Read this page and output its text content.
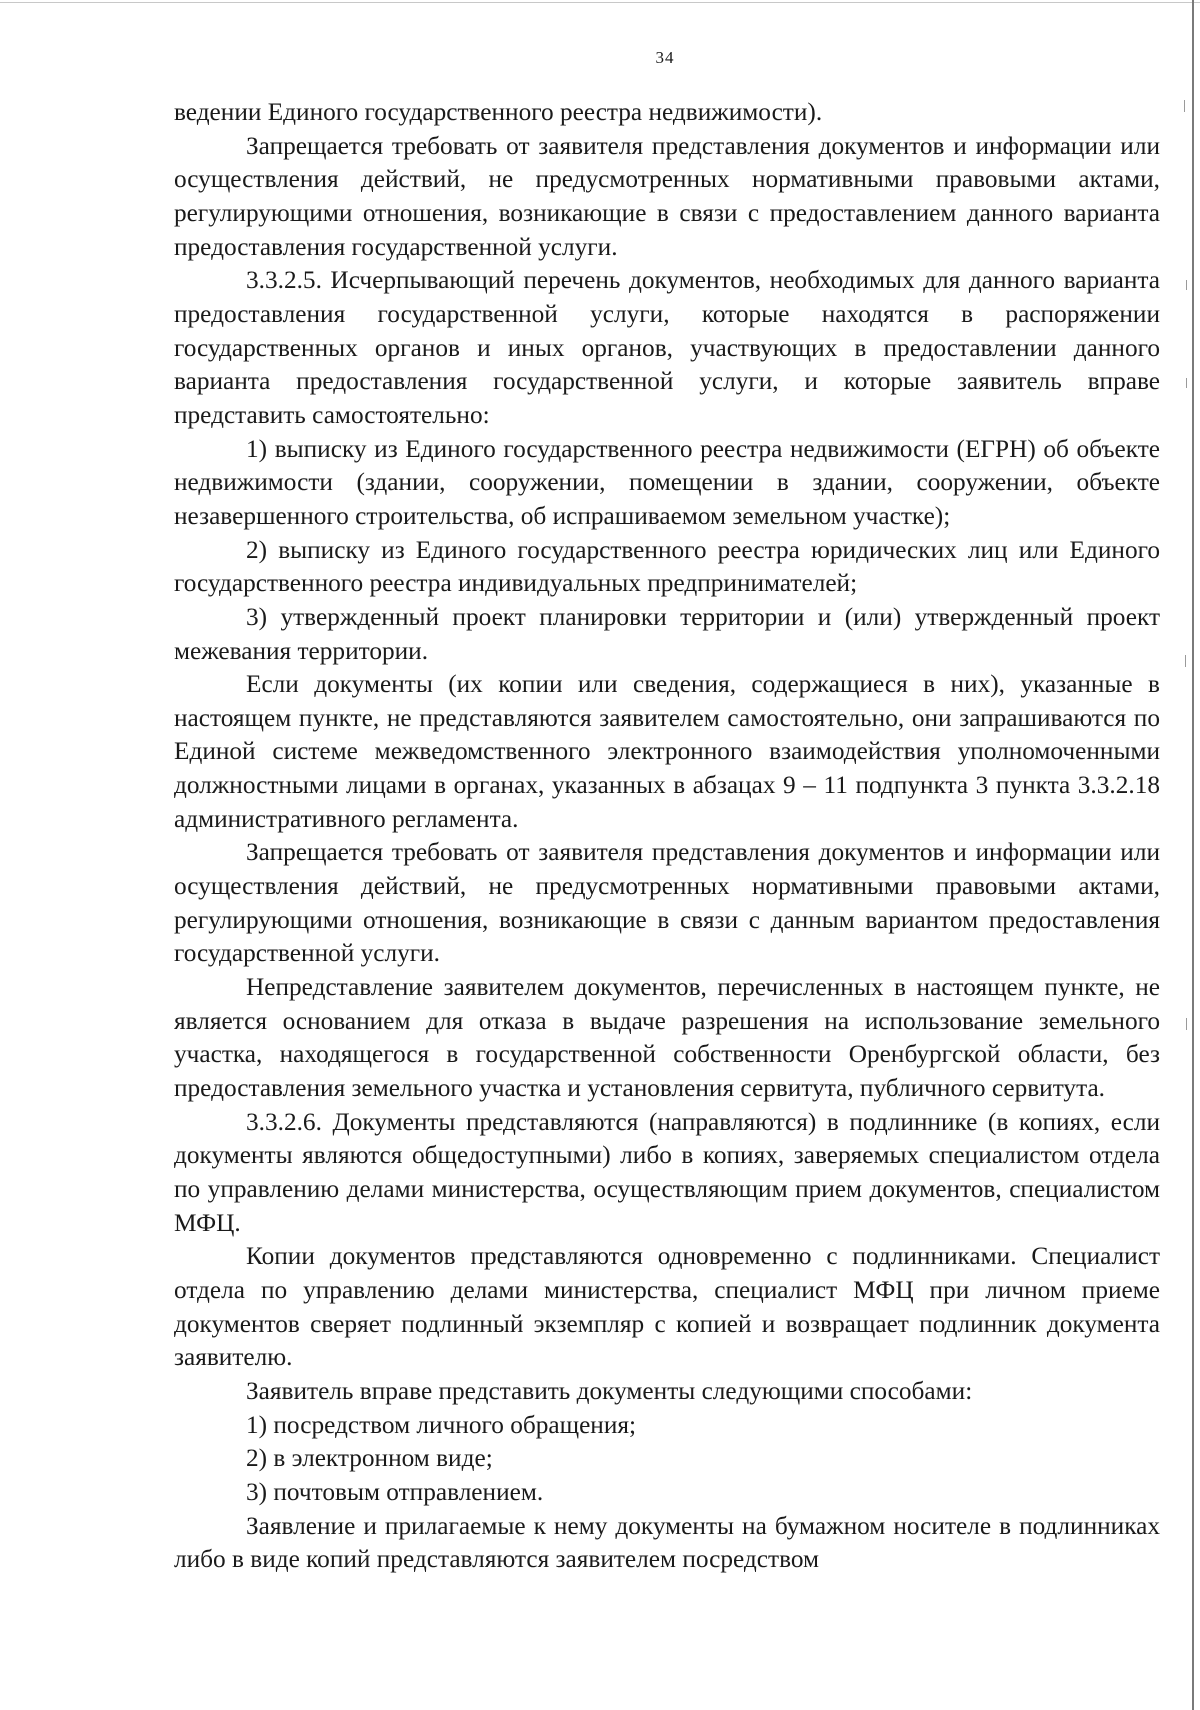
34

ведении Единого государственного реестра недвижимости).

Запрещается требовать от заявителя представления документов и информации или осуществления действий, не предусмотренных нормативными правовыми актами, регулирующими отношения, возникающие в связи с предоставлением данного варианта предоставления государственной услуги.

3.3.2.5. Исчерпывающий перечень документов, необходимых для данного варианта предоставления государственной услуги, которые находятся в распоряжении государственных органов и иных органов, участвующих в предоставлении данного варианта предоставления государственной услуги, и которые заявитель вправе представить самостоятельно:

1) выписку из Единого государственного реестра недвижимости (ЕГРН) об объекте недвижимости (здании, сооружении, помещении в здании, сооружении, объекте незавершенного строительства, об испрашиваемом земельном участке);

2) выписку из Единого государственного реестра юридических лиц или Единого государственного реестра индивидуальных предпринимателей;

3) утвержденный проект планировки территории и (или) утвержденный проект межевания территории.

Если документы (их копии или сведения, содержащиеся в них), указанные в настоящем пункте, не представляются заявителем самостоятельно, они запрашиваются по Единой системе межведомственного электронного взаимодействия уполномоченными должностными лицами в органах, указанных в абзацах 9 – 11 подпункта 3 пункта 3.3.2.18 административного регламента.

Запрещается требовать от заявителя представления документов и информации или осуществления действий, не предусмотренных нормативными правовыми актами, регулирующими отношения, возникающие в связи с данным вариантом предоставления государственной услуги.

Непредставление заявителем документов, перечисленных в настоящем пункте, не является основанием для отказа в выдаче разрешения на использование земельного участка, находящегося в государственной собственности Оренбургской области, без предоставления земельного участка и установления сервитута, публичного сервитута.

3.3.2.6. Документы представляются (направляются) в подлиннике (в копиях, если документы являются общедоступными) либо в копиях, заверяемых специалистом отдела по управлению делами министерства, осуществляющим прием документов, специалистом МФЦ.

Копии документов представляются одновременно с подлинниками. Специалист отдела по управлению делами министерства, специалист МФЦ при личном приеме документов сверяет подлинный экземпляр с копией и возвращает подлинник документа заявителю.

Заявитель вправе представить документы следующими способами:

1) посредством личного обращения;

2) в электронном виде;

3) почтовым отправлением.

Заявление и прилагаемые к нему документы на бумажном носителе в подлинниках либо в виде копий представляются заявителем посредством
